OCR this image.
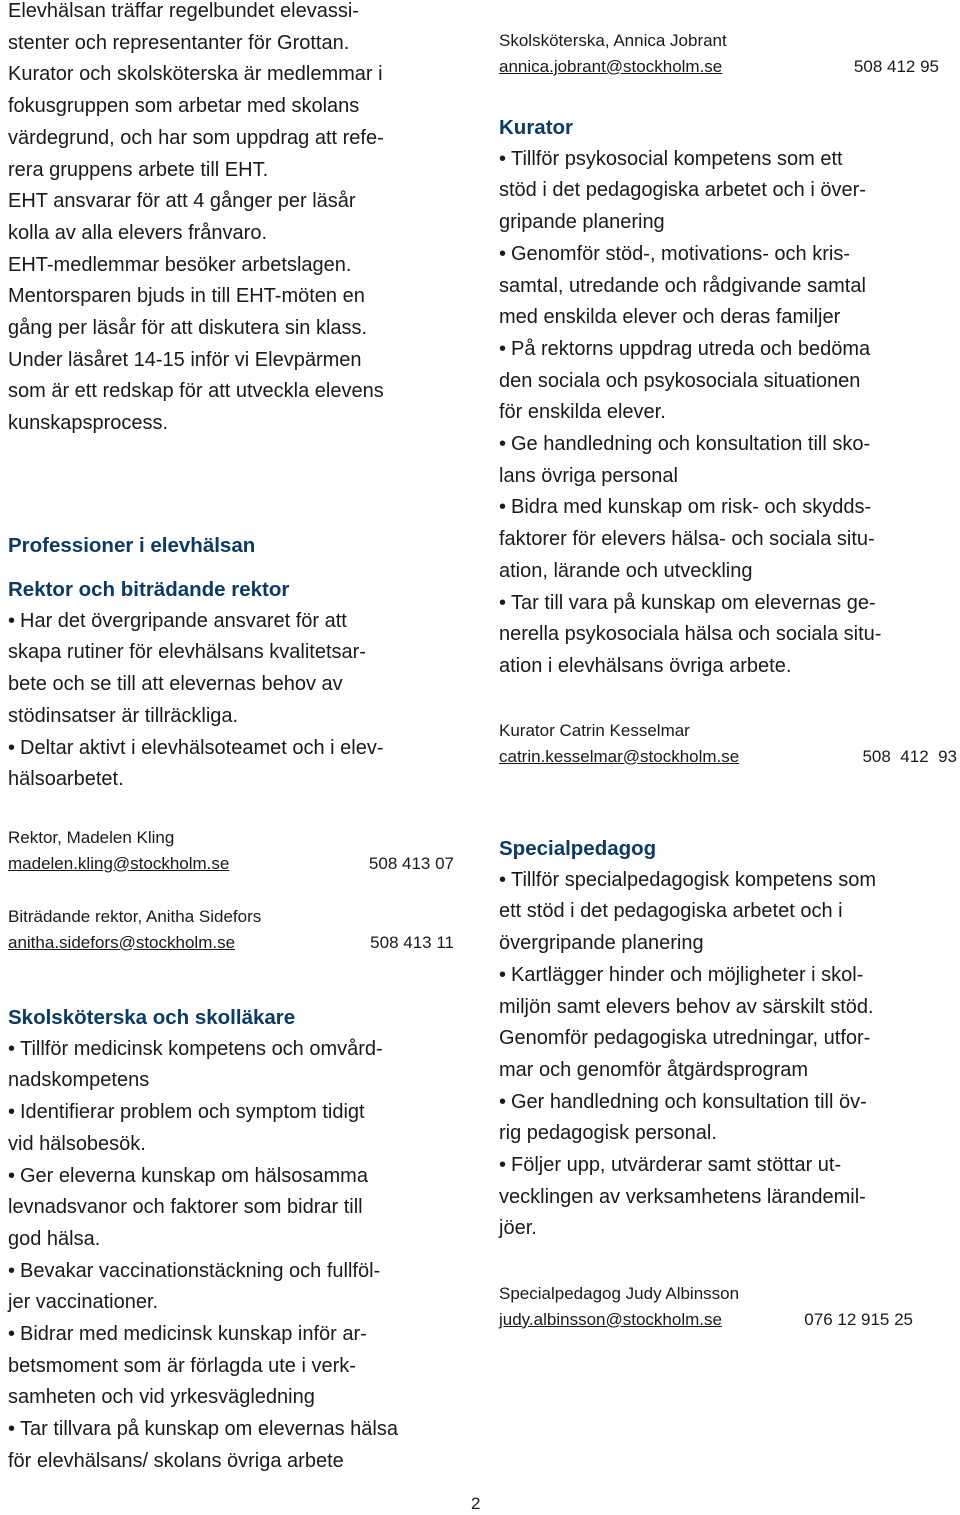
Elevhälsan träffar regelbundet elevassi-

stenter och representanter för Grottan.

Kurator och skolsköterska är medlemmar i

fokusgruppen som arbetar med skolans

värdegrund, och har som uppdrag att refe-

rera gruppens arbete till EHT.

EHT ansvarar för att 4 gånger per läsår

kolla av alla elevers frånvaro.

EHT-medlemmar besöker arbetslagen.

Mentorsparen bjuds in till EHT-möten en

gång per läsår för att diskutera sin klass.

Under läsåret 14-15 inför vi Elevpärmen

som är ett redskap för att utveckla elevens

kunskapsprocess.

Professioner i elevhälsan

Rektor och biträdande rektor

• Har det övergripande ansvaret för att

skapa rutiner för elevhälsans kvalitetsar-

bete och se till att elevernas behov av

stödinsatser är tillräckliga.

• Deltar aktivt i elevhälsoteamet och i elev-

hälsoarbetet.

Rektor, Madelen Kling

madelen.kling@stockholm.se	508 413 07

Biträdande rektor, Anitha Sidefors

anitha.sidefors@stockholm.se	508 413 11

Skolsköterska och skolläkare

• Tillför medicinsk kompetens och omvård-

nadskompetens

• Identifierar problem och symptom tidigt

vid hälsobesök.

• Ger eleverna kunskap om hälsosamma

levnadsvanor och faktorer som bidrar till

god hälsa.

• Bevakar vaccinationstäckning och fullföl-

jer vaccinationer.

• Bidrar med medicinsk kunskap inför ar-

betsmoment som är förlagda ute i verk-

samheten och vid yrkesvägledning

• Tar tillvara på kunskap om elevernas hälsa

för elevhälsans/ skolans övriga arbete

Skolsköterska, Annica Jobrant

annica.jobrant@stockholm.se	508 412 95

Kurator

• Tillför psykosocial kompetens som ett

stöd i det pedagogiska arbetet och i över-

gripande planering

• Genomför stöd-, motivations- och kris-

samtal, utredande och rådgivande samtal

med enskilda elever och deras familjer

• På rektorns uppdrag utreda och bedöma

den sociala och psykosociala situationen

för enskilda elever.

• Ge handledning och konsultation till sko-

lans övriga personal

• Bidra med kunskap om risk- och skydds-

faktorer för elevers hälsa- och sociala situ-

ation, lärande och utveckling

• Tar till vara på kunskap om elevernas ge-

nerella psykosociala hälsa och sociala situ-

ation i elevhälsans övriga arbete.

Kurator Catrin Kesselmar

catrin.kesselmar@stockholm.se	508  412  93

Specialpedagog

• Tillför specialpedagogisk kompetens som

ett stöd i det pedagogiska arbetet och i

övergripande planering

• Kartlägger hinder och möjligheter i skol-

miljön samt elevers behov av särskilt stöd.

Genomför pedagogiska utredningar, utfor-

mar och genomför åtgärdsprogram

• Ger handledning och konsultation till öv-

rig pedagogisk personal.

• Följer upp, utvärderar samt stöttar ut-

vecklingen av verksamhetens lärandemil-

jöer.

Specialpedagog Judy Albinsson

judy.albinsson@stockholm.se	076 12 915 25

2
